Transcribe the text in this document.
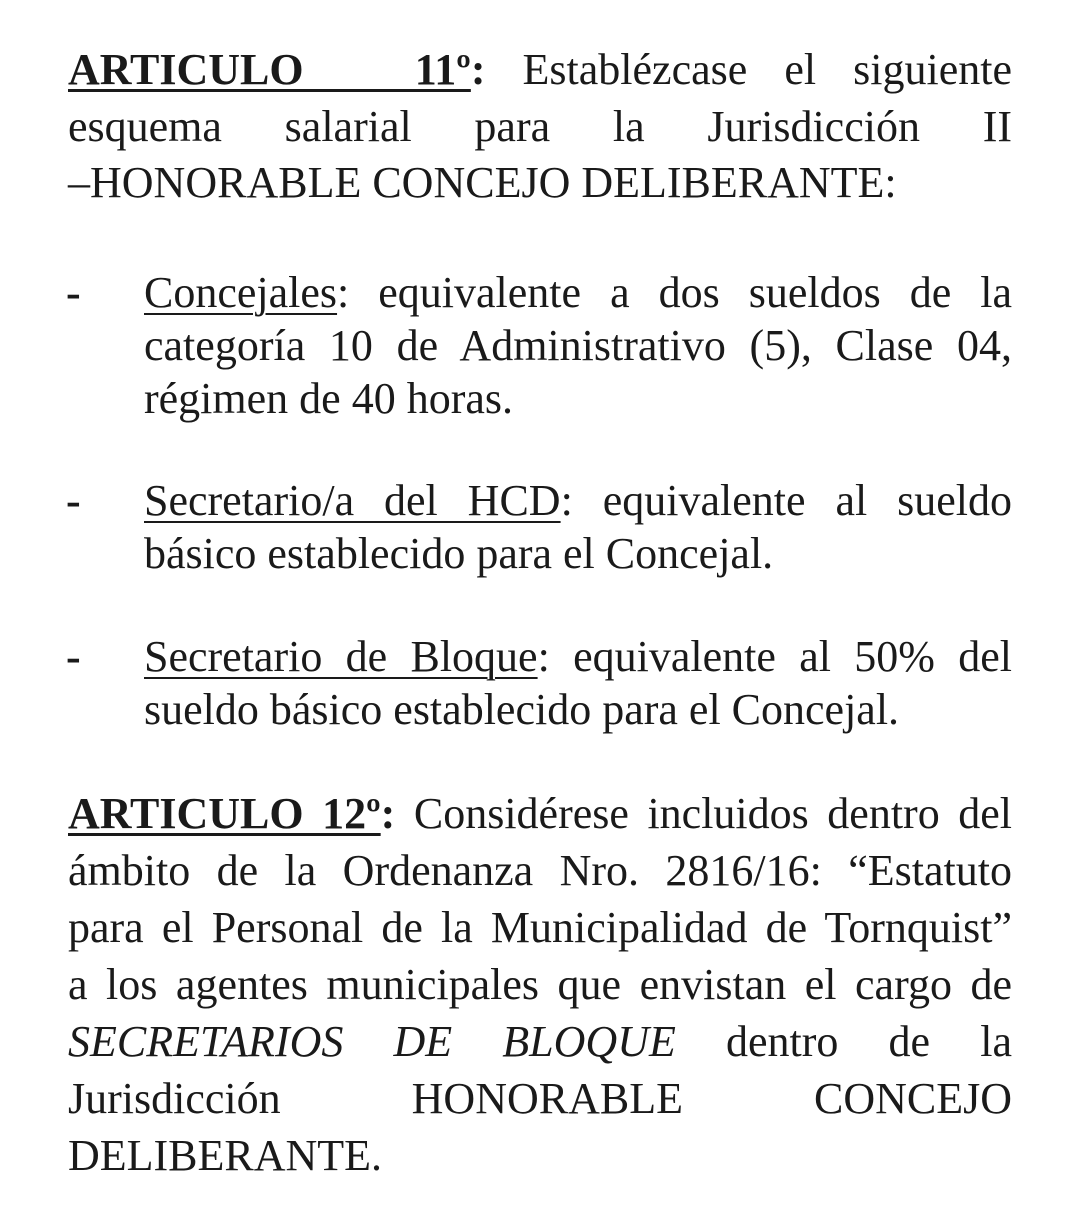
ARTICULO   11º: Establézcase el siguiente
esquema salarial para la Jurisdicción II
–HONORABLE CONCEJO DELIBERANTE:
- Concejales: equivalente a dos sueldos de la
categoría 10 de Administrativo (5), Clase 04,
régimen de 40 horas.
- Secretario/a del HCD: equivalente al sueldo
básico establecido para el Concejal.
- Secretario de Bloque: equivalente al 50% del
sueldo básico establecido para el Concejal.
ARTICULO 12º: Considérese incluidos dentro del
ámbito de la Ordenanza Nro. 2816/16: “Estatuto
para el Personal de la Municipalidad de Tornquist”
a los agentes municipales que envistan el cargo de
SECRETARIOS DE BLOQUE dentro de la
Jurisdicción HONORABLE CONCEJO
DELIBERANTE.
